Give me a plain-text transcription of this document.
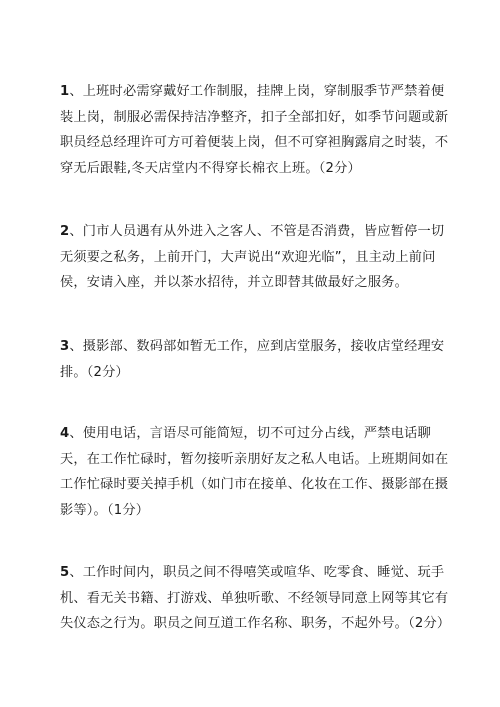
1、上班时必需穿戴好工作制服，挂牌上岗，穿制服季节严禁着便装上岗，制服必需保持洁净整齐，扣子全部扣好，如季节问题或新职员经总经理许可方可着便装上岗，但不可穿袒胸露肩之时装，不穿无后跟鞋,冬天店堂内不得穿长棉衣上班。（2分）

2、门市人员遇有从外进入之客人、不管是否消费，皆应暂停一切无须要之私务，上前开门，大声说出“欢迎光临”，且主动上前问侯，安请入座，并以茶水招待，并立即替其做最好之服务。

3、摄影部、数码部如暂无工作，应到店堂服务，接收店堂经理安排。（2分）

4、使用电话，言语尽可能简短，切不可过分占线，严禁电话聊天，在工作忙碌时，暂勿接听亲朋好友之私人电话。上班期间如在工作忙碌时要关掉手机（如门市在接单、化妆在工作、摄影部在摄影等）。（1分）

5、工作时间内，职员之间不得嘻笑或喧华、吃零食、睡觉、玩手机、看无关书籍、打游戏、单独听歌、不经领导同意上网等其它有失仪态之行为。职员之间互道工作名称、职务，不起外号。（2分）
